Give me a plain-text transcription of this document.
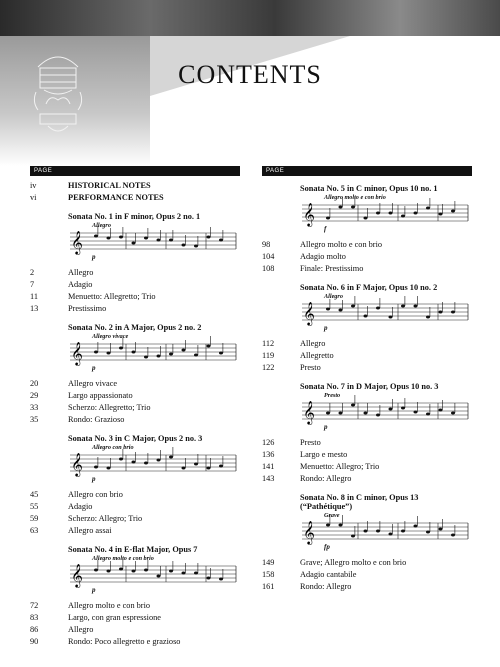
CONTENTS
PAGE
iv	HISTORICAL NOTES
vi	PERFORMANCE NOTES
Sonata No. 1 in F minor, Opus 2 no. 1
Allegro
𝄞
p
2	Allegro
7	Adagio
11	Menuetto: Allegretto; Trio
13	Prestissimo
Sonata No. 2 in A Major, Opus 2 no. 2
Allegro vivace
𝄞
p
20	Allegro vivace
29	Largo appassionato
33	Scherzo: Allegretto; Trio
35	Rondo: Grazioso
Sonata No. 3 in C Major, Opus 2 no. 3
Allegro con brio
𝄞
p
45	Allegro con brio
55	Adagio
59	Scherzo: Allegro; Trio
63	Allegro assai
Sonata No. 4 in E-flat Major, Opus 7
Allegro molto e con brio
𝄞
p
72	Allegro molto e con brio
83	Largo, con gran espressione
86	Allegro
90	Rondo: Poco allegretto e grazioso
PAGE
Sonata No. 5 in C minor, Opus 10 no. 1
Allegro molto e con brio
𝄞
f
98	Allegro molto e con brio
104	Adagio molto
108	Finale: Prestissimo
Sonata No. 6 in F Major, Opus 10 no. 2
Allegro
𝄞
p
112	Allegro
119	Allegretto
122	Presto
Sonata No. 7 in D Major, Opus 10 no. 3
Presto
𝄞
p
126	Presto
136	Largo e mesto
141	Menuetto: Allegro; Trio
143	Rondo: Allegro
Sonata No. 8 in C minor, Opus 13 (“Pathétique”)
Grave
𝄞
fp
149	Grave; Allegro molto e con brio
158	Adagio cantabile
161	Rondo: Allegro
